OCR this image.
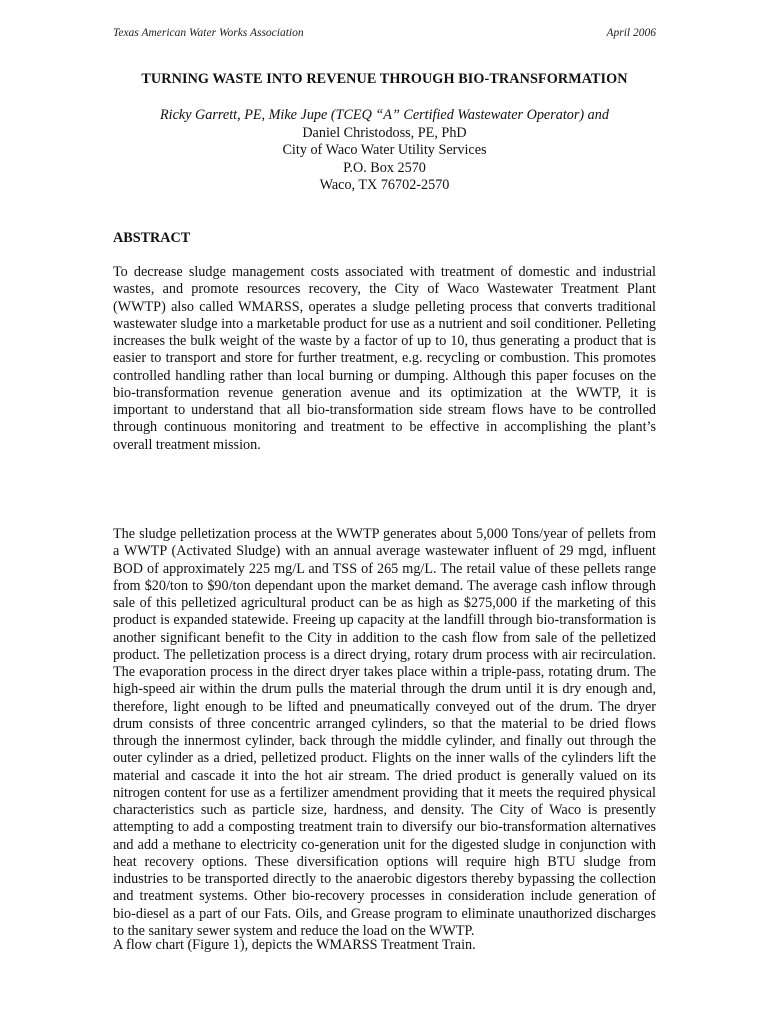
Texas American Water Works Association	April 2006
TURNING WASTE INTO REVENUE THROUGH BIO-TRANSFORMATION
Ricky Garrett, PE, Mike Jupe (TCEQ “A” Certified Wastewater Operator) and
Daniel Christodoss, PE, PhD
City of Waco Water Utility Services
P.O. Box 2570
Waco, TX 76702-2570
ABSTRACT

To decrease sludge management costs associated with treatment of domestic and industrial wastes, and promote resources recovery, the City of Waco Wastewater Treatment Plant (WWTP) also called WMARSS, operates a sludge pelleting process that converts traditional wastewater sludge into a marketable product for use as a nutrient and soil conditioner. Pelleting increases the bulk weight of the waste by a factor of up to 10, thus generating a product that is easier to transport and store for further treatment, e.g. recycling or combustion. This promotes controlled handling rather than local burning or dumping. Although this paper focuses on the bio-transformation revenue generation avenue and its optimization at the WWTP, it is important to understand that all bio-transformation side stream flows have to be controlled through continuous monitoring and treatment to be effective in accomplishing the plant’s overall treatment mission.

The sludge pelletization process at the WWTP generates about 5,000 Tons/year of pellets from a WWTP (Activated Sludge) with an annual average wastewater influent of 29 mgd, influent BOD of approximately 225 mg/L and TSS of 265 mg/L. The retail value of these pellets range from $20/ton to $90/ton dependant upon the market demand. The average cash inflow through sale of this pelletized agricultural product can be as high as $275,000 if the marketing of this product is expanded statewide. Freeing up capacity at the landfill through bio-transformation is another significant benefit to the City in addition to the cash flow from sale of the pelletized product. The pelletization process is a direct drying, rotary drum process with air recirculation. The evaporation process in the direct dryer takes place within a triple-pass, rotating drum. The high-speed air within the drum pulls the material through the drum until it is dry enough and, therefore, light enough to be lifted and pneumatically conveyed out of the drum. The dryer drum consists of three concentric arranged cylinders, so that the material to be dried flows through the innermost cylinder, back through the middle cylinder, and finally out through the outer cylinder as a dried, pelletized product. Flights on the inner walls of the cylinders lift the material and cascade it into the hot air stream. The dried product is generally valued on its nitrogen content for use as a fertilizer amendment providing that it meets the required physical characteristics such as particle size, hardness, and density. The City of Waco is presently attempting to add a composting treatment train to diversify our bio-transformation alternatives and add a methane to electricity co-generation unit for the digested sludge in conjunction with heat recovery options. These diversification options will require high BTU sludge from industries to be transported directly to the anaerobic digestors thereby bypassing the collection and treatment systems. Other bio-recovery processes in consideration include generation of bio-diesel as a part of our Fats. Oils, and Grease program to eliminate unauthorized discharges to the sanitary sewer system and reduce the load on the WWTP.

A flow chart (Figure 1), depicts the WMARSS Treatment Train.
